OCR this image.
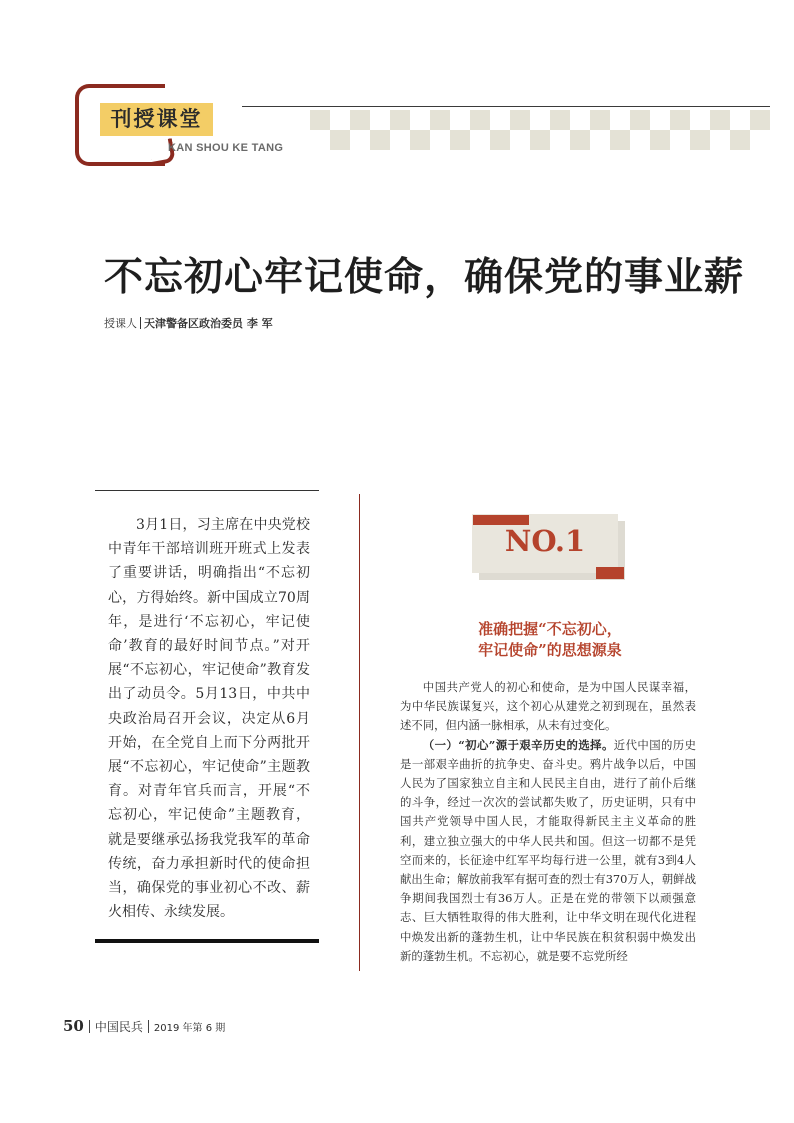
刊授课堂
KAN SHOU KE TANG
不忘初心牢记使命，确保党的事业薪
授课人 天津警备区政治委员 李 军

3月1日，习主席在中央党校中青年干部培训班开班式上发表了重要讲话，明确指出“不忘初心，方得始终。新中国成立70周年，是进行‘不忘初心，牢记使命’教育的最好时间节点。”对开展“不忘初心，牢记使命”教育发出了动员令。5月13日，中共中央政治局召开会议，决定从6月开始，在全党自上而下分两批开展“不忘初心，牢记使命”主题教育。对青年官兵而言，开展“不忘初心，牢记使命”主题教育，就是要继承弘扬我党我军的革命传统，奋力承担新时代的使命担当，确保党的事业初心不改、薪火相传、永续发展。

NO.1
准确把握“不忘初心，
牢记使命”的思想源泉

中国共产党人的初心和使命，是为中国人民谋幸福，为中华民族谋复兴，这个初心从建党之初到现在，虽然表述不同，但内涵一脉相承，从未有过变化。

（一）“初心”源于艰辛历史的选择。近代中国的历史是一部艰辛曲折的抗争史、奋斗史。鸦片战争以后，中国人民为了国家独立自主和人民民主自由，进行了前仆后继的斗争，经过一次次的尝试都失败了，历史证明，只有中国共产党领导中国人民，才能取得新民主主义革命的胜利，建立独立强大的中华人民共和国。但这一切都不是凭空而来的，长征途中红军平均每行进一公里，就有3到4人献出生命；解放前我军有据可查的烈士有370万人，朝鲜战争期间我国烈士有36万人。正是在党的带领下以顽强意志、巨大牺牲取得的伟大胜利，让中华文明在现代化进程中焕发出新的蓬勃生机，让中华民族在积贫积弱中焕发出新的蓬勃生机。不忘初心，就是要不忘党所经

50 中国民兵 2019 年第 6 期
